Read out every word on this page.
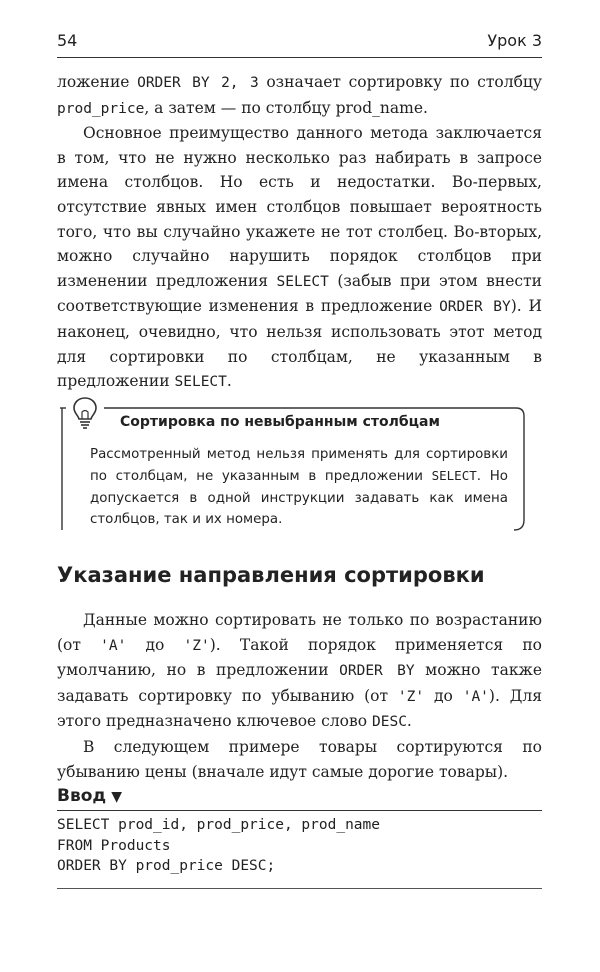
54	Урок 3

ложение ORDER BY 2, 3 означает сортировку по столбцу prod_price, а затем — по столбцу prod_name.

Основное преимущество данного метода заключается в том, что не нужно несколько раз набирать в запросе имена столбцов. Но есть и недостатки. Во-первых, отсутствие явных имен столбцов повышает вероятность того, что вы случайно укажете не тот столбец. Во-вторых, можно случайно нарушить порядок столбцов при изменении предложения SELECT (забыв при этом внести соответствующие изменения в предложение ORDER BY). И наконец, очевидно, что нельзя использовать этот метод для сортировки по столбцам, не указанным в предложении SELECT.

Сортировка по невыбранным столбцам
Рассмотренный метод нельзя применять для сортировки по столбцам, не указанным в предложении SELECT. Но допускается в одной инструкции задавать как имена столбцов, так и их номера.
Указание направления сортировки

Данные можно сортировать не только по возрастанию (от 'A' до 'Z'). Такой порядок применяется по умолчанию, но в предложении ORDER BY можно также задавать сортировку по убыванию (от 'Z' до 'A'). Для этого предназначено ключевое слово DESC.

В следующем примере товары сортируются по убыванию цены (вначале идут самые дорогие товары).

Ввод ▼
SELECT prod_id, prod_price, prod_name
FROM Products
ORDER BY prod_price DESC;
